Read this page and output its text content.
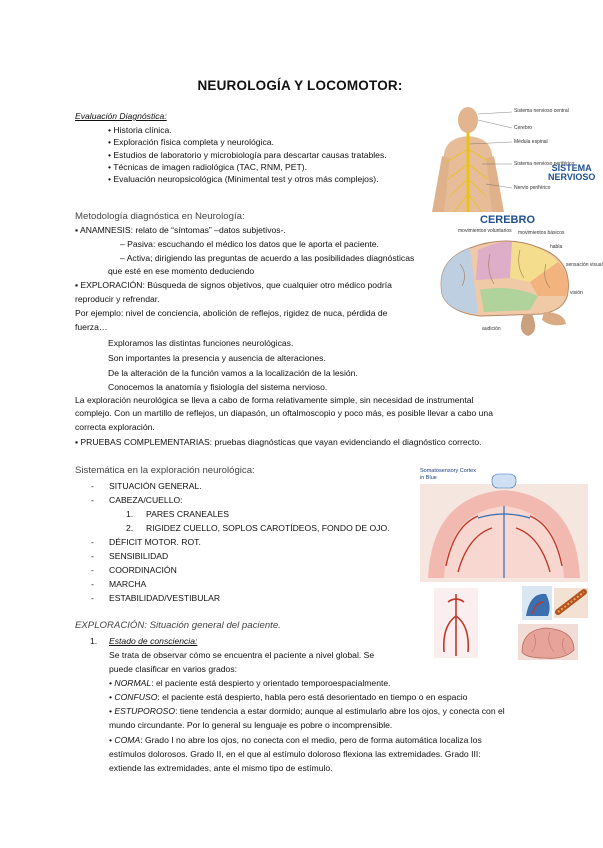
NEUROLOGÍA Y LOCOMOTOR:
Evaluación Diagnóstica:
• Historia clínica.
• Exploración física completa y neurológica.
• Estudios de laboratorio y microbiología para descartar causas tratables.
• Técnicas de imagen radiológica (TAC, RNM, PET).
• Evaluación neuropsicológica (Minimental test y otros más complejos).
Metodología diagnóstica en Neurología:
▪ ANAMNESIS: relato de “síntomas” –datos subjetivos-.
– Pasiva: escuchando el médico los datos que le aporta el paciente.
– Activa; dirigiendo las preguntas de acuerdo a las posibilidades diagnósticas
que esté en ese momento deduciendo
▪ EXPLORACIÓN: Búsqueda de signos objetivos, que cualquier otro médico podría
reproducir y refrendar.
Por ejemplo: nivel de conciencia, abolición de reflejos, rigidez de nuca, pérdida de
fuerza…
Exploramos las distintas funciones neurológicas.
Son importantes la presencia y ausencia de alteraciones.
De la alteración de la función vamos a la localización de la lesión.
Conocemos la anatomía y fisiología del sistema nervioso.
La exploración neurológica se lleva a cabo de forma relativamente simple, sin necesidad de instrumental
complejo. Con un martillo de reflejos, un diapasón, un oftalmoscopio y poco más, es posible llevar a cabo una
correcta exploración.
▪ PRUEBAS COMPLEMENTARIAS: pruebas diagnósticas que vayan evidenciando el diagnóstico correcto.
Sistemática en la exploración neurológica:
- SITUACIÓN GENERAL.
- CABEZA/CUELLO:
1. PARES CRANEALES
2. RIGIDEZ CUELLO, SOPLOS CAROTÍDEOS, FONDO DE OJO.
- DÉFICIT MOTOR. ROT.
- SENSIBILIDAD
- COORDINACIÓN
- MARCHA
- ESTABILIDAD/VESTIBULAR
EXPLORACIÓN: Situación general del paciente.
1. Estado de consciencia:
Se trata de observar cómo se encuentra el paciente a nivel global. Se
puede clasificar en varios grados:
• NORMAL: el paciente está despierto y orientado temporoespacialmente.
• CONFUSO: el paciente está despierto, habla pero está desorientado en tiempo o en espacio
• ESTUPOROSO: tiene tendencia a estar dormido; aunque al estimularlo abre los ojos, y conecta con el
mundo circundante. Por lo general su lenguaje es pobre o incomprensible.
• COMA: Grado I no abre los ojos, no conecta con el medio, pero de forma automática localiza los
estímulos dolorosos. Grado II, en el que al estímulo doloroso flexiona las extremidades. Grado III:
extiende las extremidades, ante el mismo tipo de estímulo.
Sistema nervioso central
Cerebro
Médula espinal
Sistema nervioso periférico
Nervio periférico
SISTEMA
NERVIOSO
CEREBRO
movimientos voluntarios movimientos básicos
habla
sensación visual
visión
audición
Somatosensory Cortex
in Blue
